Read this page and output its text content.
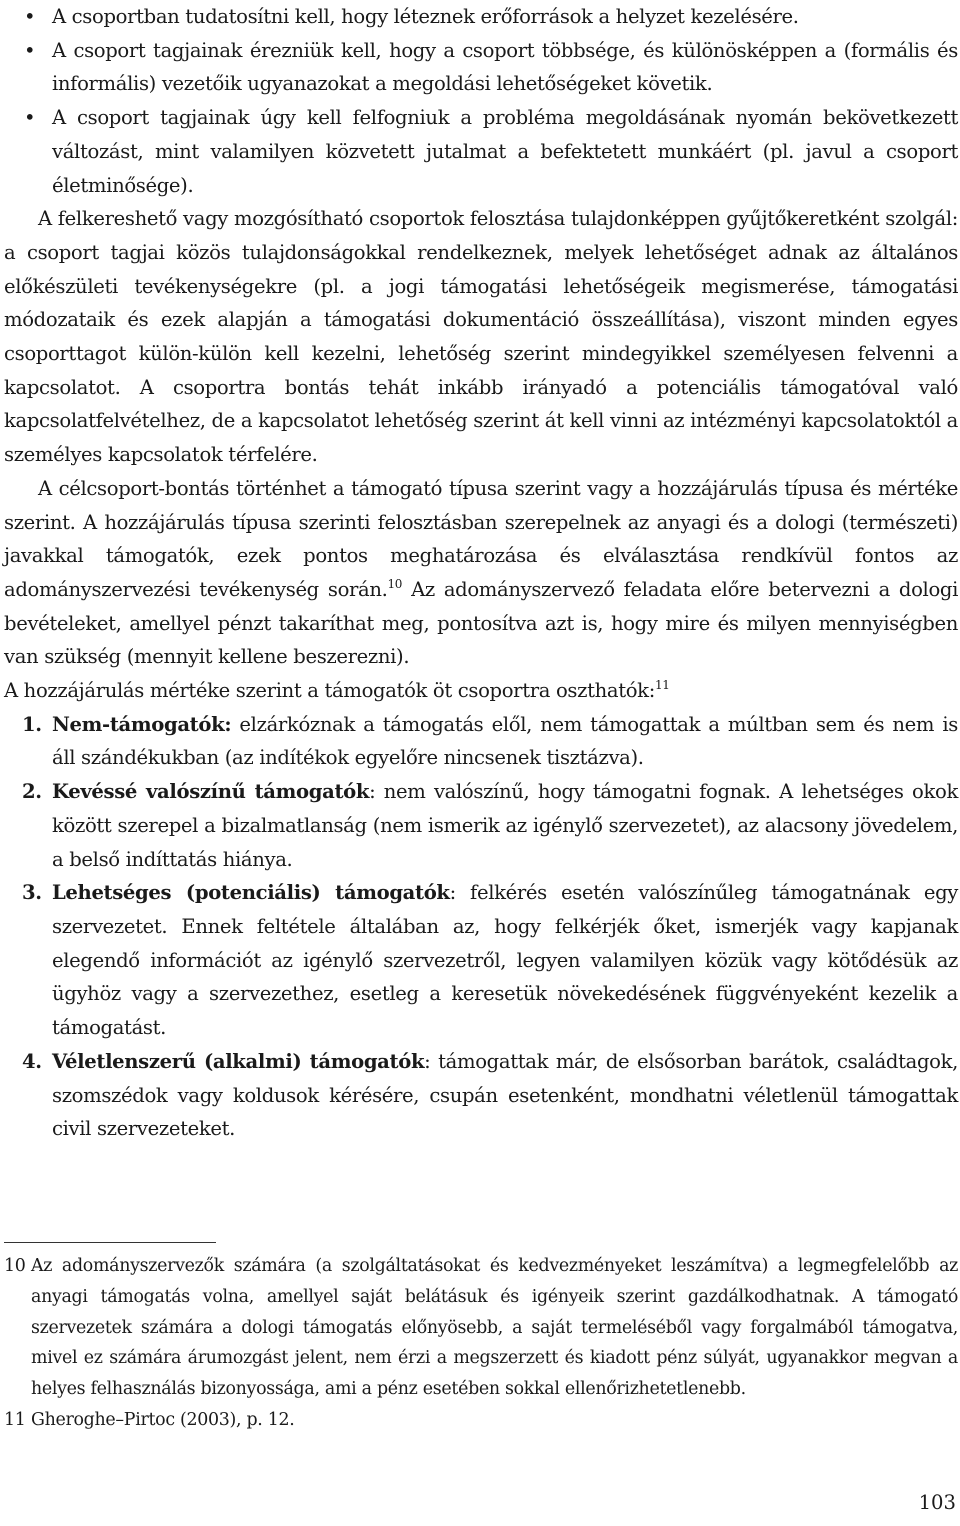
• A csoportban tudatosítni kell, hogy léteznek erőforrások a helyzet kezelésére.
• A csoport tagjainak érezniük kell, hogy a csoport többsége, és különösképpen a (formális és informális) vezetőik ugyanazokat a megoldási lehetőségeket követik.
• A csoport tagjainak úgy kell felfogniuk a probléma megoldásának nyomán bekövetkezett változást, mint valamilyen közvetett jutalmat a befektetett munkáért (pl. javul a csoport életminősége).

A felkereshető vagy mozgósítható csoportok felosztása tulajdonképpen gyűjtőkeretként szolgál: a csoport tagjai közös tulajdonságokkal rendelkeznek, melyek lehetőséget adnak az általános előkészületi tevékenységekre (pl. a jogi támogatási lehetőségeik megismerése, támogatási módozataik és ezek alapján a támogatási dokumentáció összeállítása), viszont minden egyes csoporttagot külön-külön kell kezelni, lehetőség szerint mindegyikkel személyesen felvenni a kapcsolatot. A csoportra bontás tehát inkább irányadó a potenciális támogatóval való kapcsolatfelvételhez, de a kapcsolatot lehetőség szerint át kell vinni az intézményi kapcsolatoktól a személyes kapcsolatok térfelére.

A célcsoport-bontás történhet a támogató típusa szerint vagy a hozzájárulás típusa és mértéke szerint. A hozzájárulás típusa szerinti felosztásban szerepelnek az anyagi és a dologi (természeti) javakkal támogatók, ezek pontos meghatározása és elválasztása rendkívül fontos az adományszervezési tevékenység során.$^{10}$ Az adományszervező feladata előre betervezni a dologi bevételeket, amellyel pénzt takaríthat meg, pontosítva azt is, hogy mire és milyen mennyiségben van szükség (mennyit kellene beszerezni).

A hozzájárulás mértéke szerint a támogatók öt csoportra oszthatók:$^{11}$

1. Nem-támogatók: elzárkóznak a támogatás elől, nem támogattak a múltban sem és nem is áll szándékukban (az indítékok egyelőre nincsenek tisztázva).
2. Kevéssé valószínű támogatók: nem valószínű, hogy támogatni fognak. A lehetséges okok között szerepel a bizalmatlanság (nem ismerik az igénylő szervezetet), az alacsony jövedelem, a belső indíttatás hiánya.
3. Lehetséges (potenciális) támogatók: felkérés esetén valószínűleg támogatnának egy szervezetet. Ennek feltétele általában az, hogy felkérjék őket, ismerjék vagy kapjanak elegendő információt az igénylő szervezetről, legyen valamilyen közük vagy kötődésük az ügyhöz vagy a szervezethez, esetleg a keresetük növekedésének függvényeként kezelik a támogatást.
4. Véletlenszerű (alkalmi) támogatók: támogattak már, de elsősorban barátok, családtagok, szomszédok vagy koldusok kérésére, csupán esetenként, mondhatni véletlenül támogattak civil szervezeteket.
10 Az adományszervezők számára (a szolgáltatásokat és kedvezményeket leszámítva) a legmegfelelőbb az anyagi támogatás volna, amellyel saját belátásuk és igényeik szerint gazdálkodhatnak. A támogató szervezetek számára a dologi támogatás előnyösebb, a saját termeléséből vagy forgalmából támogatva, mivel ez számára árumozgást jelent, nem érzi a megszerzett és kiadott pénz súlyát, ugyanakkor megvan a helyes felhasználás bizonyossága, ami a pénz esetében sokkal ellenőrizhetetlenebb.
11 Gheroghe–Pirtoc (2003), p. 12.
103
